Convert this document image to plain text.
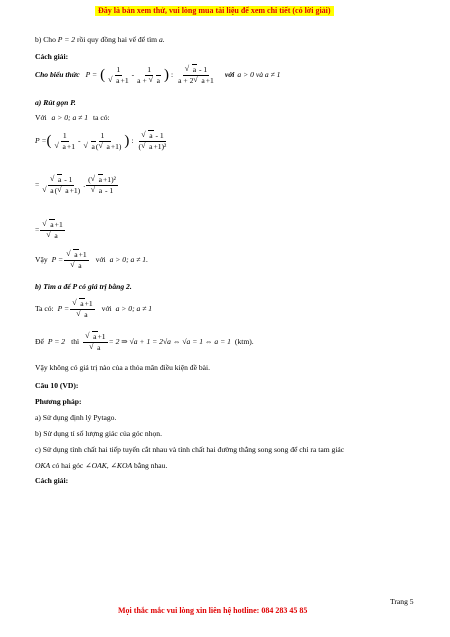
Đây là bản xem thử, vui lòng mua tài liệu để xem chi tiết (có lời giải)
b) Cho P = 2 rồi quy đồng hai vế để tìm a.
Cách giải:
Cho biểu thức P = ( 1
√ $a+1 - \frac{1}{a + √ a}$ ) : √ $\frac{a - 1}{a + 2 √ a+1}$ với a > 0 và a ≠ 1
a) Rút gọn P.
Với a > 0; a ≠ 1 ta có:
P = ( 1
√ a+1 - 1
√ a( √ a+1) ) : √ $\frac{a - 1}{\text{( √ a+1)²}}$
= √ a - 1
√ a( √ a+1) . ( √ a+1)²
√ a - 1
= √ a+1
√ a
Vậy P = √ a+1
√ a với a > 0; a ≠ 1.
b) Tìm a để P có giá trị bằng 2.
Ta có: P = √ a+1
√ a với a > 0; a ≠ 1
Để P = 2 thì √ a+1
√ a = 2 ⇒ √a + 1 = 2√a ⇔ √a = 1 ⇔ a = 1 (ktm).
Vậy không có giá trị nào của a thỏa mãn điều kiện đề bài.
Câu 10 (VD):
Phương pháp:
a) Sử dụng định lý Pytago.
b) Sử dụng tỉ số lượng giác của góc nhọn.
c) Sử dụng tính chất hai tiếp tuyến cắt nhau và tính chất hai đường thẳng song song để chỉ ra tam giác
OKA có hai góc ∠OAK, ∠KOA bằng nhau.
Cách giải:
Trang 5
Mọi thắc mắc vui lòng xin liên hệ hotline: 084 283 45 85
